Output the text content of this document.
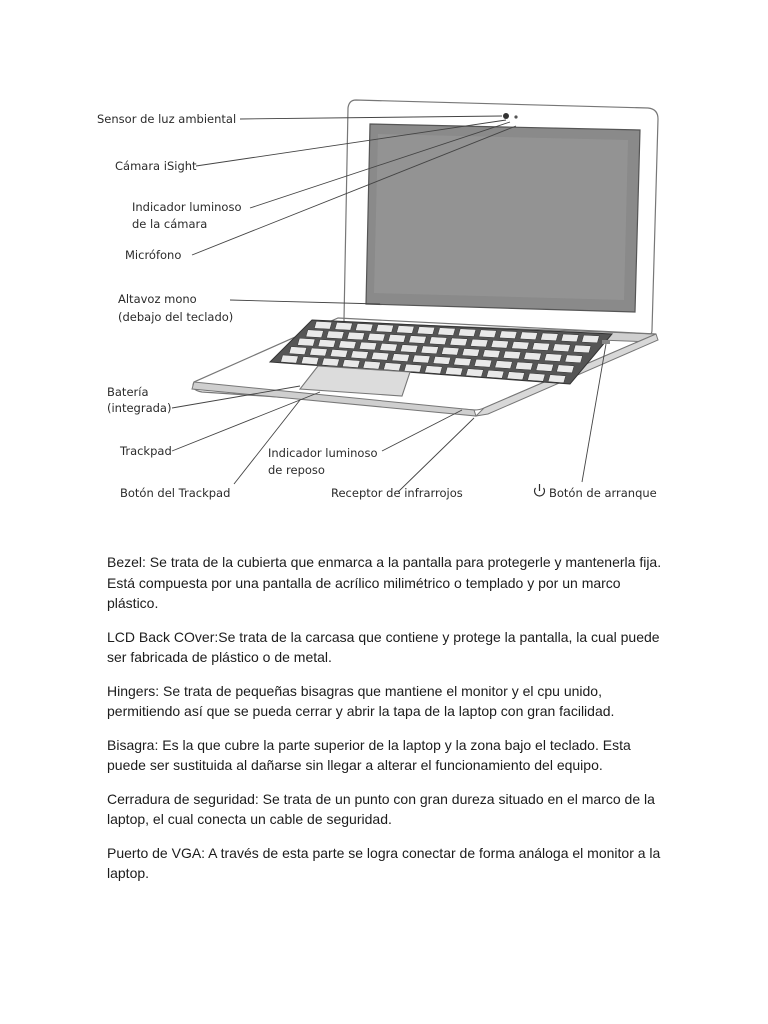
Sensor de luz ambiental
Cámara iSight
Indicador luminoso
de la cámara
Micrófono
Altavoz mono
(debajo del teclado)
Batería
(integrada)
Trackpad	Indicador luminoso
de reposo
Botón del Trackpad	Receptor de infrarrojos	Botón de arranque

Bezel: Se trata de la cubierta que enmarca a la pantalla para protegerle y mantenerla fija. Está compuesta por una pantalla de acrílico milimétrico o templado y por un marco plástico.

LCD Back COver:Se trata de la carcasa que contiene y protege la pantalla, la cual puede ser fabricada de plástico o de metal.

Hingers: Se trata de pequeñas bisagras que mantiene el monitor y el cpu unido, permitiendo así que se pueda cerrar y abrir la tapa de la laptop con gran facilidad.

Bisagra: Es la que cubre la parte superior de la laptop y la zona bajo el teclado. Esta puede ser sustituida al dañarse sin llegar a alterar el funcionamiento del equipo.

Cerradura de seguridad: Se trata de un punto con gran dureza situado en el marco de la laptop, el cual conecta un cable de seguridad.

Puerto de VGA: A través de esta parte se logra conectar de forma análoga el monitor a la laptop.
